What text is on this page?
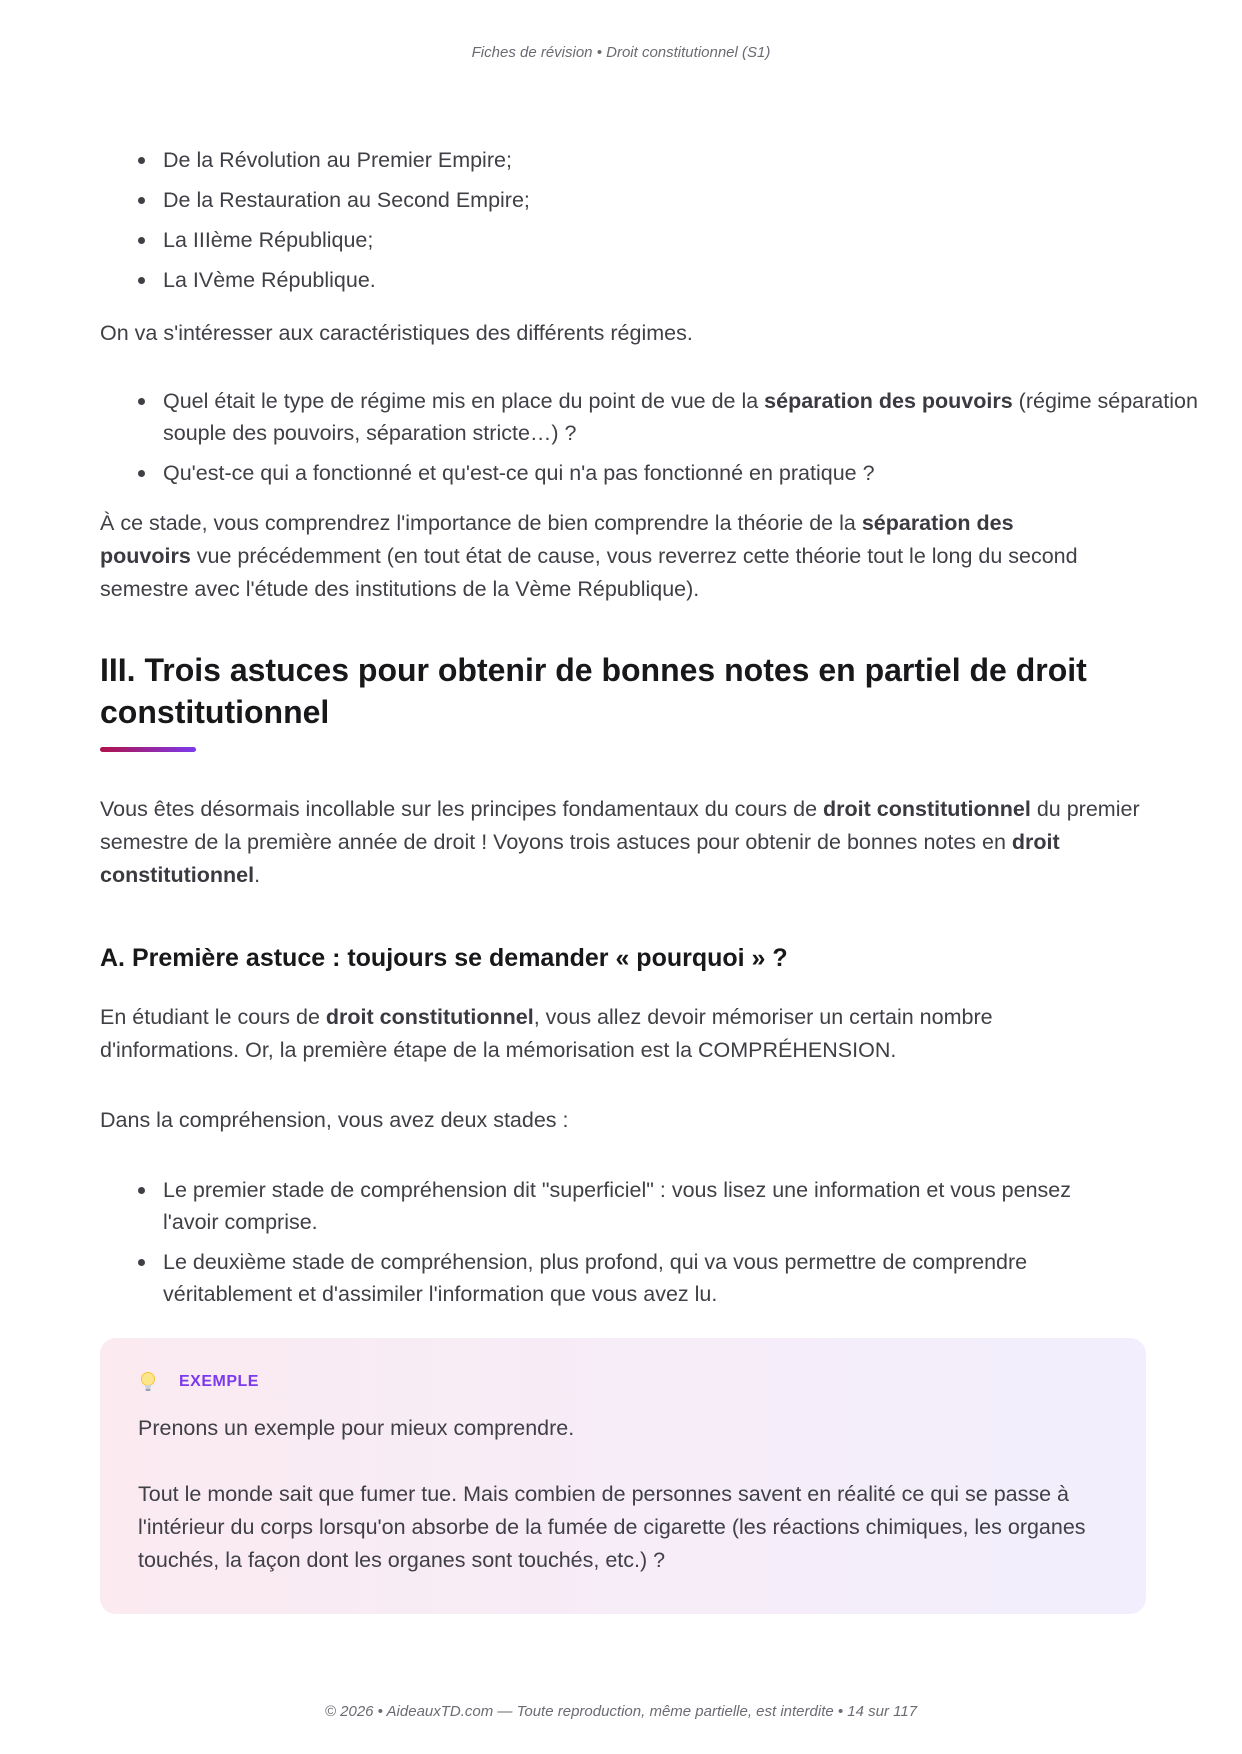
Fiches de révision • Droit constitutionnel (S1)
De la Révolution au Premier Empire;
De la Restauration au Second Empire;
La IIIème République;
La IVème République.

On va s'intéresser aux caractéristiques des différents régimes.

Quel était le type de régime mis en place du point de vue de la séparation des pouvoirs (régime séparation souple des pouvoirs, séparation stricte…) ?
Qu'est-ce qui a fonctionné et qu'est-ce qui n'a pas fonctionné en pratique ?

À ce stade, vous comprendrez l'importance de bien comprendre la théorie de la séparation des pouvoirs vue précédemment (en tout état de cause, vous reverrez cette théorie tout le long du second semestre avec l'étude des institutions de la Vème République).

III. Trois astuces pour obtenir de bonnes notes en partiel de droit constitutionnel

Vous êtes désormais incollable sur les principes fondamentaux du cours de droit constitutionnel du premier semestre de la première année de droit ! Voyons trois astuces pour obtenir de bonnes notes en droit constitutionnel.

A. Première astuce : toujours se demander « pourquoi » ?

En étudiant le cours de droit constitutionnel, vous allez devoir mémoriser un certain nombre d'informations. Or, la première étape de la mémorisation est la COMPRÉHENSION.

Dans la compréhension, vous avez deux stades :

Le premier stade de compréhension dit "superficiel" : vous lisez une information et vous pensez l'avoir comprise.
Le deuxième stade de compréhension, plus profond, qui va vous permettre de comprendre véritablement et d'assimiler l'information que vous avez lu.
EXEMPLE

Prenons un exemple pour mieux comprendre.

Tout le monde sait que fumer tue. Mais combien de personnes savent en réalité ce qui se passe à l'intérieur du corps lorsqu'on absorbe de la fumée de cigarette (les réactions chimiques, les organes touchés, la façon dont les organes sont touchés, etc.) ?

© 2026 • AideauxTD.com — Toute reproduction, même partielle, est interdite • 14 sur 117
